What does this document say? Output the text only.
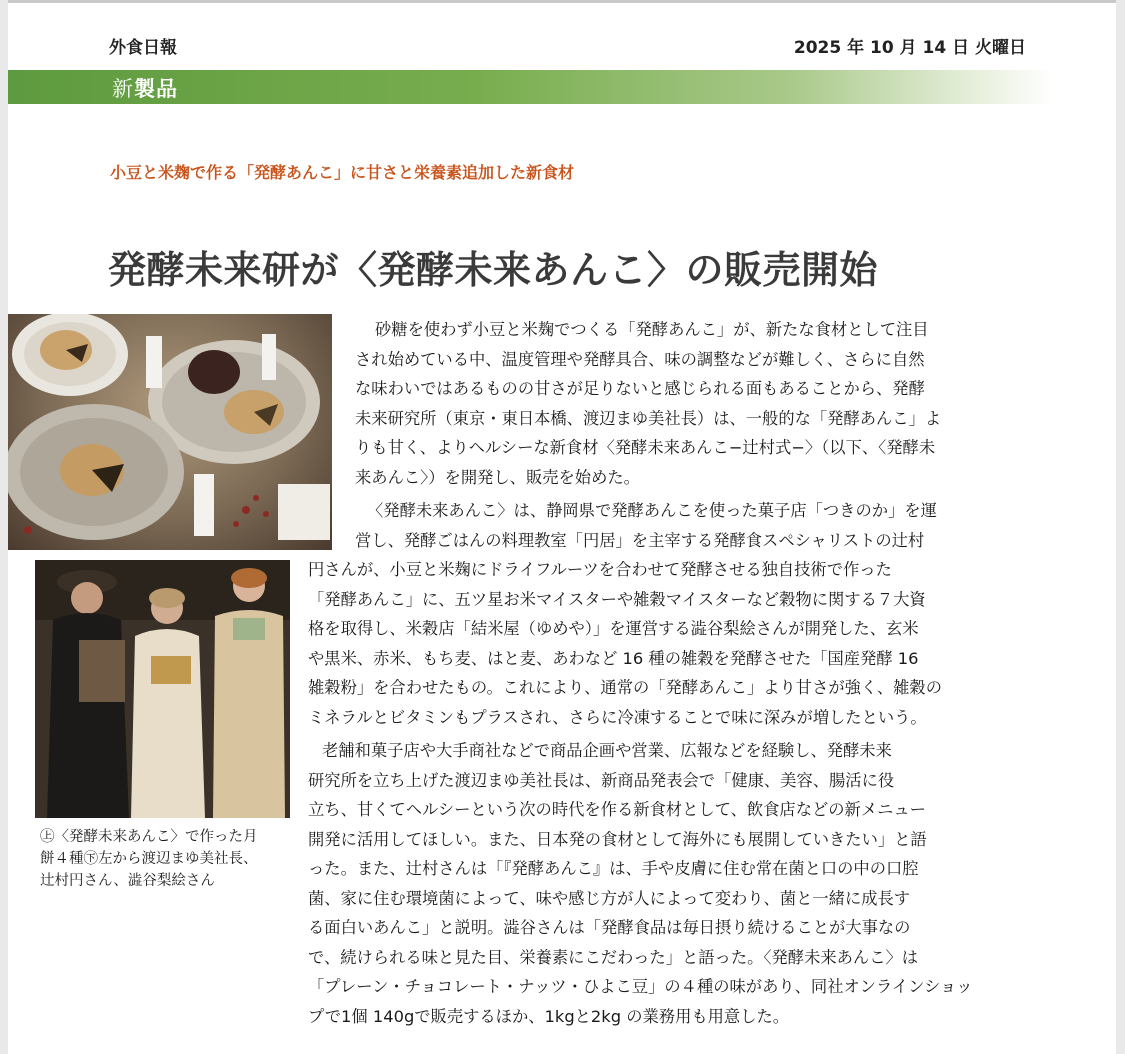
外食日報	2025 年 10 月 14 日 火曜日
新製品
小豆と米麹で作る「発酵あんこ」に甘さと栄養素追加した新食材
発酵未来研が〈発酵未来あんこ〉の販売開始
㊤〈発酵未来あんこ〉で作った月
餅４種㊦左から渡辺まゆ美社長、
辻村円さん、澁谷梨絵さん
砂糖を使わず小豆と米麹でつくる「発酵あんこ」が、新たな食材として注目
され始めている中、温度管理や発酵具合、味の調整などが難しく、さらに自然
な味わいではあるものの甘さが足りないと感じられる面もあることから、発酵
未来研究所（東京・東日本橋、渡辺まゆ美社長）は、一般的な「発酵あんこ」よ
りも甘く、よりヘルシーな新食材〈発酵未来あんこ−辻村式−〉（以下、〈発酵未
来あんこ〉）を開発し、販売を始めた。
〈発酵未来あんこ〉は、静岡県で発酵あんこを使った菓子店「つきのか」を運
営し、発酵ごはんの料理教室「円居」を主宰する発酵食スペシャリストの辻村
円さんが、小豆と米麹にドライフルーツを合わせて発酵させる独自技術で作った
「発酵あんこ」に、五ツ星お米マイスターや雑穀マイスターなど穀物に関する７大資
格を取得し、米穀店「結米屋（ゆめや）」を運営する澁谷梨絵さんが開発した、玄米
や黒米、赤米、もち麦、はと麦、あわなど 16 種の雑穀を発酵させた「国産発酵 16
雑穀粉」を合わせたもの。これにより、通常の「発酵あんこ」より甘さが強く、雑穀の
ミネラルとビタミンもプラスされ、さらに冷凍することで味に深みが増したという。
老舗和菓子店や大手商社などで商品企画や営業、広報などを経験し、発酵未来
研究所を立ち上げた渡辺まゆ美社長は、新商品発表会で「健康、美容、腸活に役
立ち、甘くてヘルシーという次の時代を作る新食材として、飲食店などの新メニュー
開発に活用してほしい。また、日本発の食材として海外にも展開していきたい」と語
った。また、辻村さんは「『発酵あんこ』は、手や皮膚に住む常在菌と口の中の口腔
菌、家に住む環境菌によって、味や感じ方が人によって変わり、菌と一緒に成長す
る面白いあんこ」と説明。澁谷さんは「発酵食品は毎日摂り続けることが大事なの
で、続けられる味と見た目、栄養素にこだわった」と語った。〈発酵未来あんこ〉は
「プレーン・チョコレート・ナッツ・ひよこ豆」の４種の味があり、同社オンラインショッ
プで1個 140gで販売するほか、1kgと2kg の業務用も用意した。
